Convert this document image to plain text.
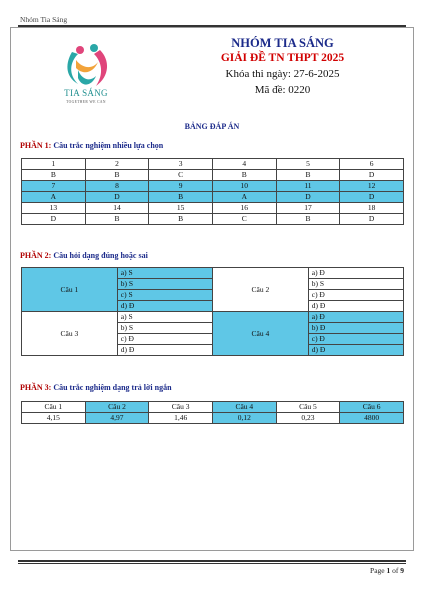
Nhóm Tia Sáng
TIA SÁNG
TOGETHER WE CAN
NHÓM TIA SÁNG
GIẢI ĐỀ TN THPT 2025
Khóa thi ngày: 27-6-2025
Mã đề: 0220
BẢNG ĐÁP ÁN
PHẦN 1: Câu trắc nghiệm nhiều lựa chọn
1	2	3	4	5	6
B	B	C	B	B	D
7	8	9	10	11	12
A	D	B	A	D	D
13	14	15	16	17	18
D	B	B	C	B	D
PHẦN 2: Câu hỏi dạng đúng hoặc sai
Câu 1	a) S	Câu 2	a) Đ
	b) S		b) S
	c) S		c) Đ
	d) Đ		d) Đ
Câu 3	a) S	Câu 4	a) Đ
	b) S		b) Đ
	c) Đ		c) Đ
	d) Đ		d) Đ
PHẦN 3: Câu trắc nghiệm dạng trả lời ngắn
Câu 1	Câu 2	Câu 3	Câu 4	Câu 5	Câu 6
4,15	4,97	1,46	0,12	0,23	4800
Page 1 of 9
